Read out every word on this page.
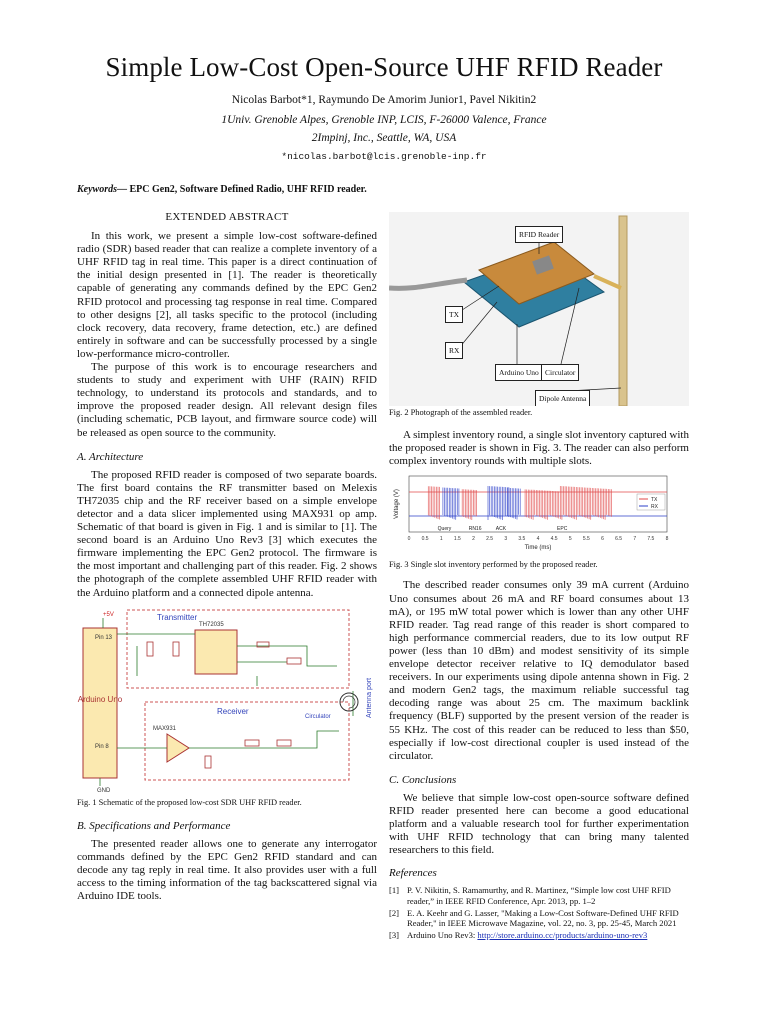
Simple Low-Cost Open-Source UHF RFID Reader
Nicolas Barbot*1, Raymundo De Amorim Junior1, Pavel Nikitin2
1Univ. Grenoble Alpes, Grenoble INP, LCIS, F-26000 Valence, France
2Impinj, Inc., Seattle, WA, USA
*nicolas.barbot@lcis.grenoble-inp.fr

Keywords— EPC Gen2, Software Defined Radio, UHF RFID reader.

EXTENDED ABSTRACT

In this work, we present a simple low-cost software-defined radio (SDR) based reader that can realize a complete inventory of a UHF RFID tag in real time. This paper is a direct continuation of the initial design presented in [1]. The reader is theoretically capable of generating any commands defined by the EPC Gen2 RFID protocol and processing tag response in real time. Compared to other designs [2], all tasks specific to the protocol (including clock recovery, data recovery, frame detection, etc.) are defined entirely in software and can be successfully processed by a single low-performance micro-controller.

The purpose of this work is to encourage researchers and students to study and experiment with UHF (RAIN) RFID technology, to understand its protocols and standards, and to improve the proposed reader design. All relevant design files (including schematic, PCB layout, and firmware source code) will be released as open source to the community.

A. Architecture

The proposed RFID reader is composed of two separate boards. The first board contains the RF transmitter based on Melexis TH72035 chip and the RF receiver based on a simple envelope detector and a data slicer implemented using MAX931 op amp. Schematic of that board is given in Fig. 1 and is similar to [1]. The second board is an Arduino Uno Rev3 [3] which executes the firmware implementing the EPC Gen2 protocol. The firmware is the most important and challenging part of this reader. Fig. 2 shows the photograph of the complete assembled UHF RFID reader with the Arduino platform and a connected dipole antenna.

Arduino Uno
+5V
Pin 13
Pin 8
GND
Transmitter
TH72035
Receiver
MAX931
Circulator	Antenna port

Fig. 1 Schematic of the proposed low-cost SDR UHF RFID reader.

B. Specifications and Performance

The presented reader allows one to generate any interrogator commands defined by the EPC Gen2 RFID standard and can decode any tag reply in real time. It also provides user with a full access to the timing information of the tag backscattered signal via Arduino IDE tools.

RFID Reader
TX
RX
Arduino Uno Circulator
Dipole Antenna

Fig. 2 Photograph of the assembled reader.

A simplest inventory round, a single slot inventory captured with the proposed reader is shown in Fig. 3. The reader can also perform complex inventory rounds with multiple slots.

Query	RN16	ACK	EPC
0 0.5 1 1.5 2 2.5 3 3.5 4 4.5 5 5.5 6 6.5 7 7.5 8
Time (ms)
Voltage (V)	TX
RX

Fig. 3 Single slot inventory performed by the proposed reader.

The described reader consumes only 39 mA current (Arduino Uno consumes about 26 mA and RF board consumes about 13 mA), or 195 mW total power which is lower than any other UHF RFID reader. Tag read range of this reader is short compared to high performance commercial readers, due to its low output RF power (less than 10 dBm) and modest sensitivity of its simple envelope detector receiver relative to IQ demodulator based receivers. In our experiments using dipole antenna shown in Fig. 2 and modern Gen2 tags, the maximum reliable successful tag decoding range was about 25 cm. The maximum backlink frequency (BLF) supported by the present version of the reader is 55 KHz. The cost of this reader can be reduced to less than $50, especially if low-cost directional coupler is used instead of the circulator.

C. Conclusions

We believe that simple low-cost open-source software defined RFID reader presented here can become a good educational platform and a valuable research tool for further experimentation with UHF RFID technology that can bring many talented researchers to this field.

References
[1] P. V. Nikitin, S. Ramamurthy, and R. Martinez, “Simple low cost UHF RFID reader,” in IEEE RFID Conference, Apr. 2013, pp. 1–2
[2] E. A. Keehr and G. Lasser, "Making a Low-Cost Software-Defined UHF RFID Reader," in IEEE Microwave Magazine, vol. 22, no. 3, pp. 25-45, March 2021
[3] Arduino Uno Rev3: http://store.arduino.cc/products/arduino-uno-rev3
